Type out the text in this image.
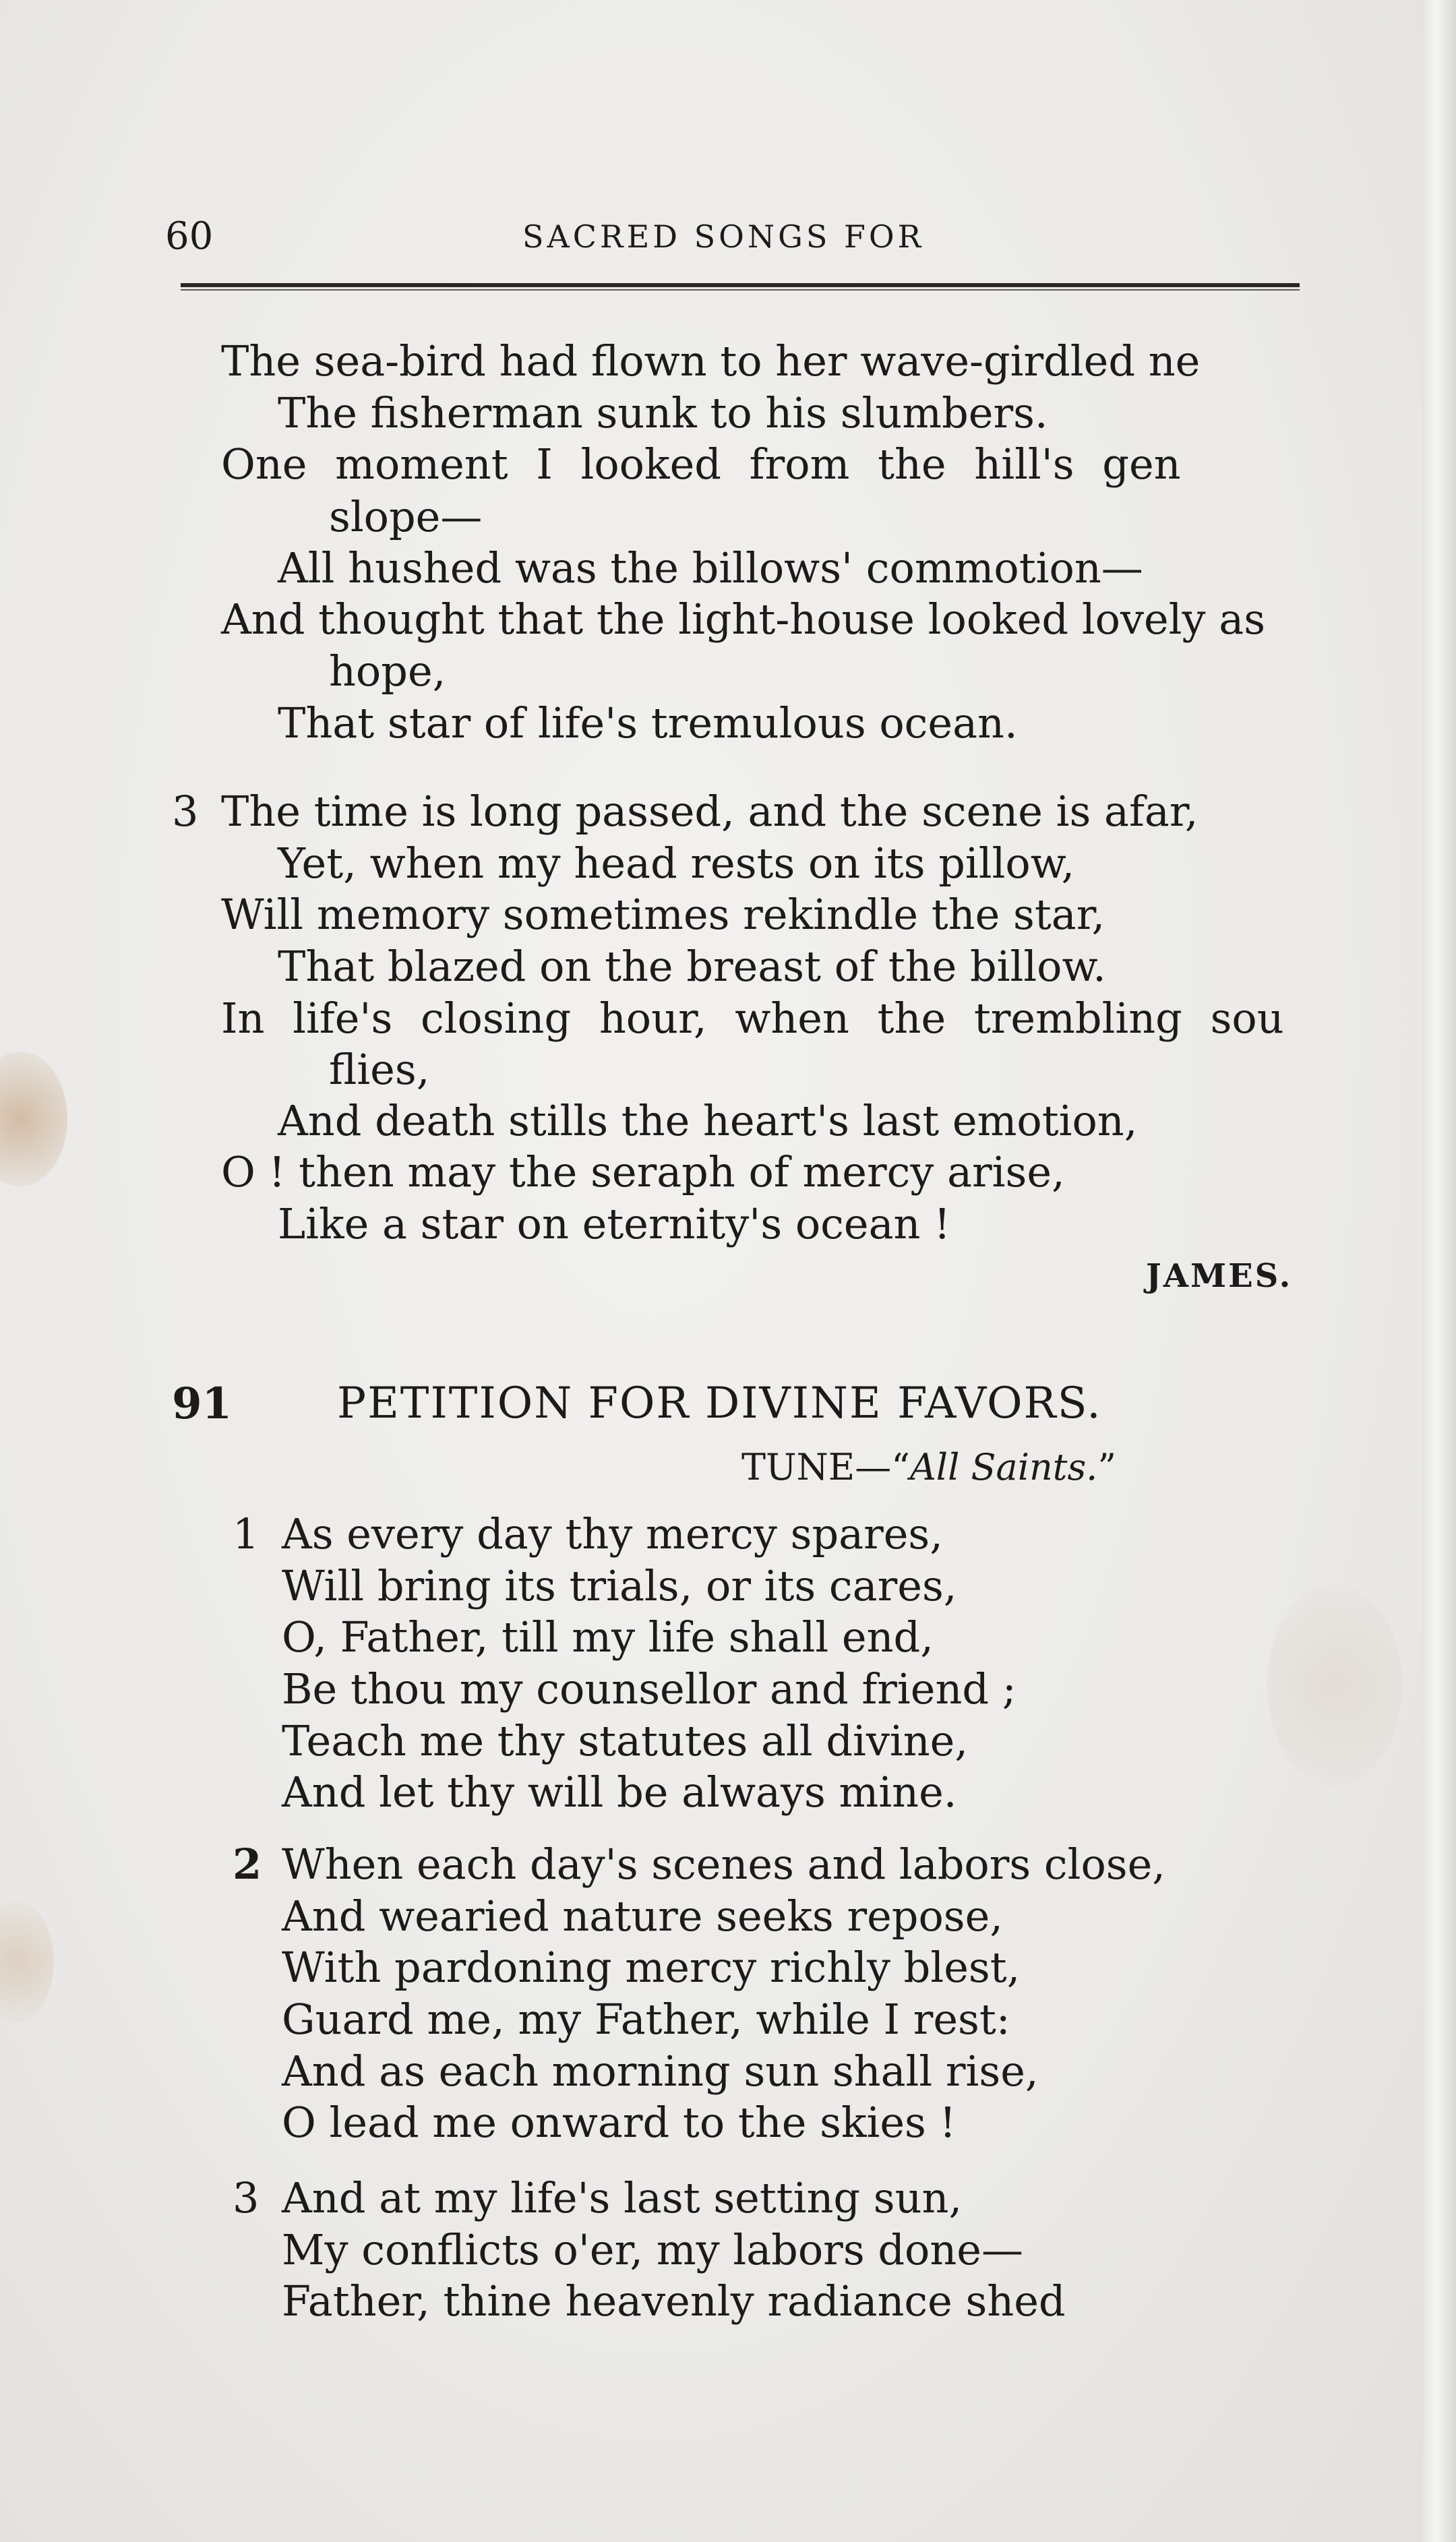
60	SACRED SONGS FOR
The sea-bird had flown to her wave-girdled ne
The fisherman sunk to his slumbers.
One moment I looked from the hill's gen
slope—
All hushed was the billows' commotion—
And thought that the light-house looked lovely as
hope,
That star of life's tremulous ocean.
3 The time is long passed, and the scene is afar,
Yet, when my head rests on its pillow,
Will memory sometimes rekindle the star,
That blazed on the breast of the billow.
In life's closing hour, when the trembling sou
flies,
And death stills the heart's last emotion,
O ! then may the seraph of mercy arise,
Like a star on eternity's ocean !
JAMES.
91 PETITION FOR DIVINE FAVORS.
TUNE—“All Saints.”
1 As every day thy mercy spares,
Will bring its trials, or its cares,
O, Father, till my life shall end,
Be thou my counsellor and friend ;
Teach me thy statutes all divine,
And let thy will be always mine.
2 When each day's scenes and labors close,
And wearied nature seeks repose,
With pardoning mercy richly blest,
Guard me, my Father, while I rest:
And as each morning sun shall rise,
O lead me onward to the skies !
3 And at my life's last setting sun,
My conflicts o'er, my labors done—
Father, thine heavenly radiance shed
